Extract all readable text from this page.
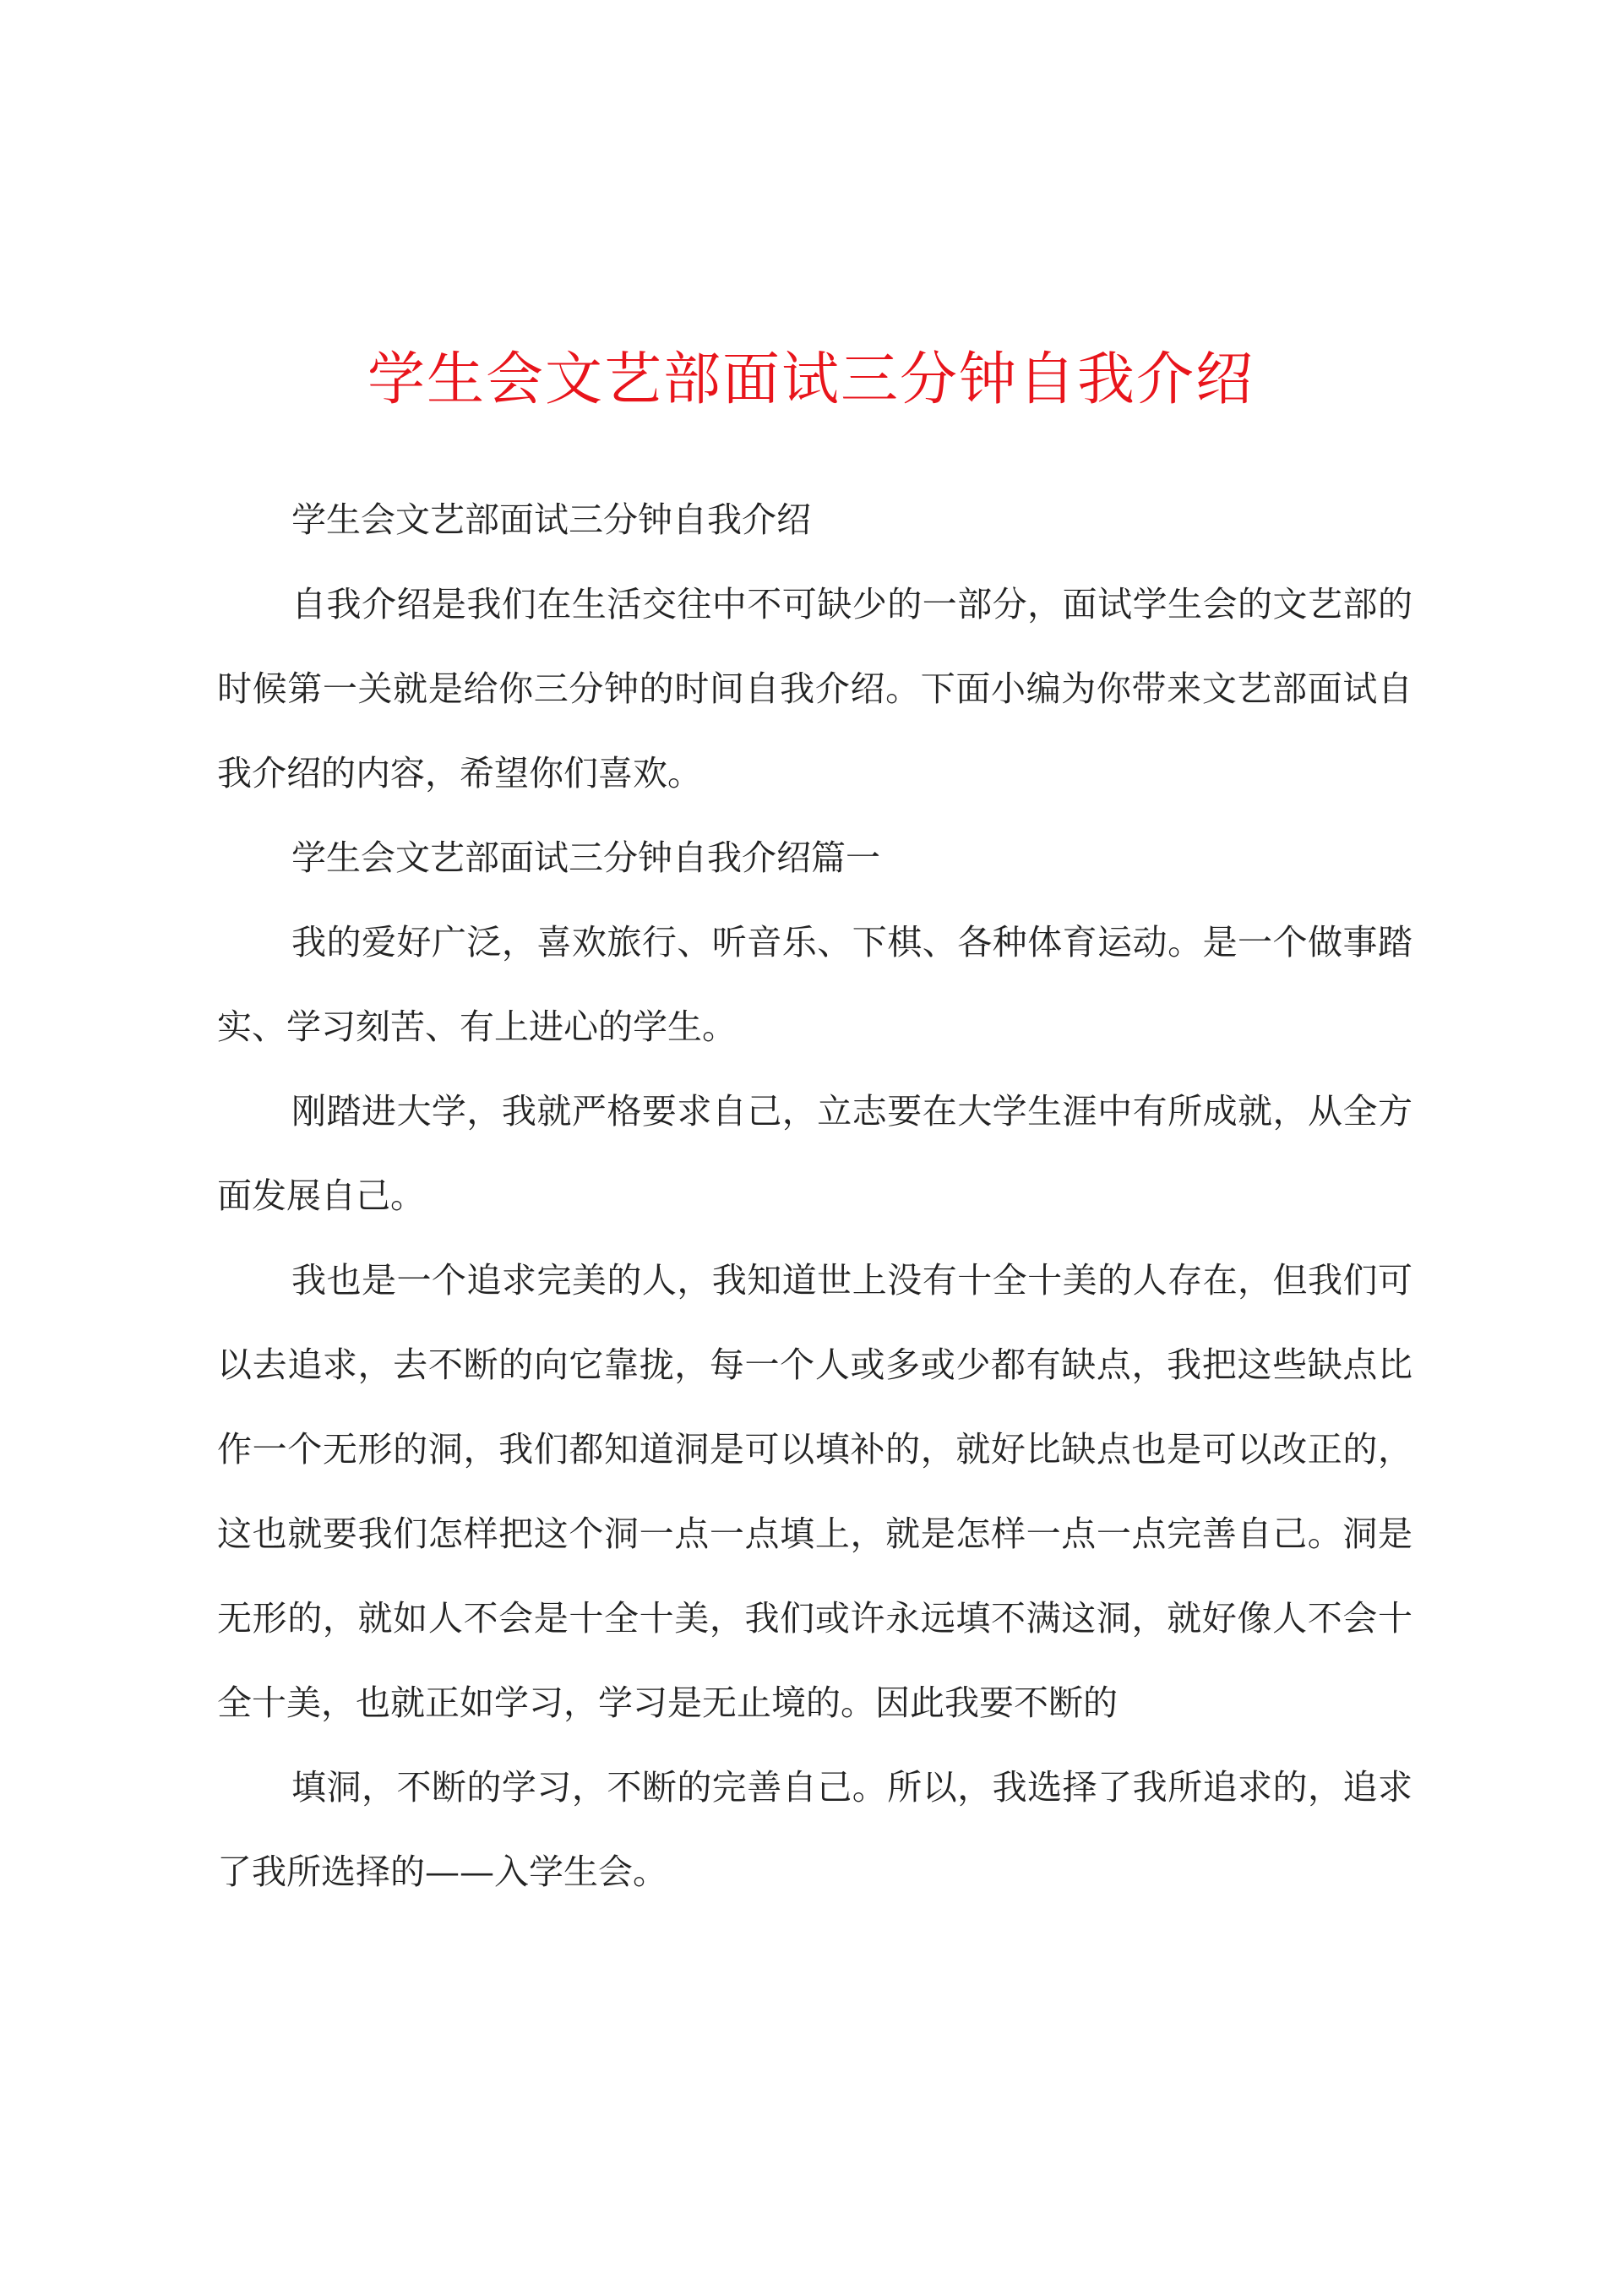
学生会文艺部面试三分钟自我介绍

学生会文艺部面试三分钟自我介绍

自我介绍是我们在生活交往中不可缺少的一部分，面试学生会的文艺部的时候第一关就是给你三分钟的时间自我介绍。下面小编为你带来文艺部面试自我介绍的内容，希望你们喜欢。

学生会文艺部面试三分钟自我介绍篇一

我的爱好广泛，喜欢旅行、听音乐、下棋、各种体育运动。是一个做事踏实、学习刻苦、有上进心的学生。

刚踏进大学，我就严格要求自己，立志要在大学生涯中有所成就，从全方面发展自己。

我也是一个追求完美的人，我知道世上没有十全十美的人存在，但我们可以去追求，去不断的向它靠拢，每一个人或多或少都有缺点，我把这些缺点比作一个无形的洞，我们都知道洞是可以填补的，就好比缺点也是可以改正的，这也就要我们怎样把这个洞一点一点填上，就是怎样一点一点完善自己。洞是无形的，就如人不会是十全十美，我们或许永远填不满这洞，就好像人不会十全十美，也就正如学习，学习是无止境的。因此我要不断的

填洞，不断的学习，不断的完善自己。所以，我选择了我所追求的，追求了我所选择的——入学生会。
